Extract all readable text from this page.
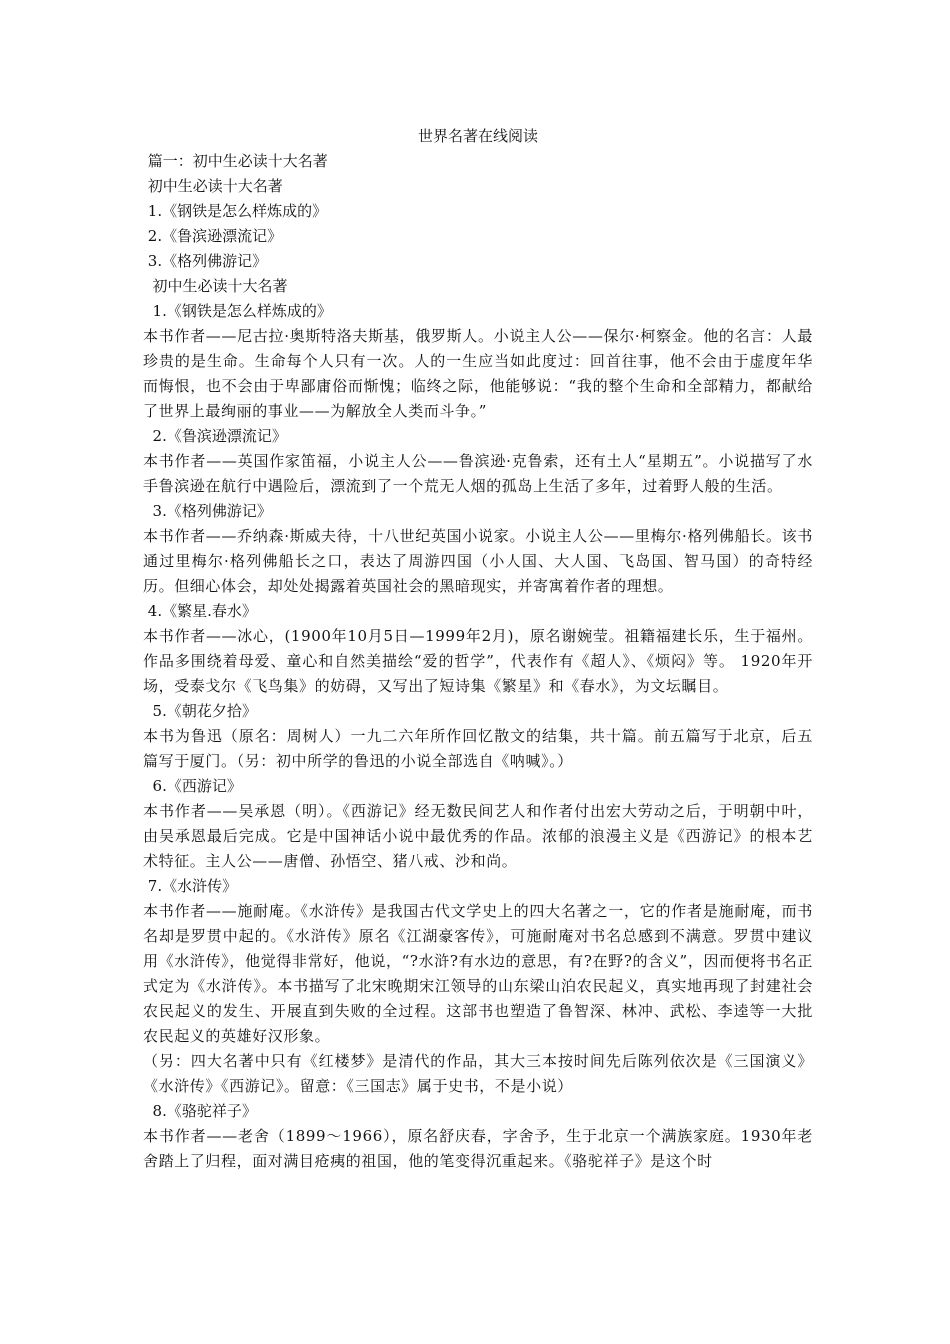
世界名著在线阅读
篇一：初中生必读十大名著
初中生必读十大名著
1.《钢铁是怎么样炼成的》
2.《鲁滨逊漂流记》
3.《格列佛游记》
初中生必读十大名著
1.《钢铁是怎么样炼成的》
本书作者——尼古拉·奥斯特洛夫斯基，俄罗斯人。小说主人公——保尔·柯察金。他的名言：人最珍贵的是生命。生命每个人只有一次。人的一生应当如此度过：回首往事，他不会由于虚度年华而悔恨，也不会由于卑鄙庸俗而惭愧；临终之际，他能够说：“我的整个生命和全部精力，都献给了世界上最绚丽的事业——为解放全人类而斗争。”
2.《鲁滨逊漂流记》
本书作者——英国作家笛福，小说主人公——鲁滨逊·克鲁索，还有土人“星期五”。小说描写了水手鲁滨逊在航行中遇险后，漂流到了一个荒无人烟的孤岛上生活了多年，过着野人般的生活。
3.《格列佛游记》
本书作者——乔纳森·斯威夫待，十八世纪英国小说家。小说主人公——里梅尔·格列佛船长。该书通过里梅尔·格列佛船长之口，表达了周游四国（小人国、大人国、飞岛国、智马国）的奇特经历。但细心体会，却处处揭露着英国社会的黑暗现实，并寄寓着作者的理想。
4.《繁星.春水》
本书作者——冰心，(1900年10月5日—1999年2月)，原名谢婉莹。祖籍福建长乐，生于福州。作品多围绕着母爱、童心和自然美描绘“爱的哲学”，代表作有《超人》、《烦闷》等。 1920年开场，受泰戈尔《飞鸟集》的妨碍，又写出了短诗集《繁星》和《春水》，为文坛瞩目。
5.《朝花夕拾》
本书为鲁迅（原名：周树人）一九二六年所作回忆散文的结集，共十篇。前五篇写于北京，后五篇写于厦门。（另：初中所学的鲁迅的小说全部选自《呐喊》。）
6.《西游记》
本书作者——吴承恩（明）。《西游记》经无数民间艺人和作者付出宏大劳动之后，于明朝中叶，由吴承恩最后完成。它是中国神话小说中最优秀的作品。浓郁的浪漫主义是《西游记》的根本艺术特征。主人公——唐僧、孙悟空、猪八戒、沙和尚。
7.《水浒传》
本书作者——施耐庵。《水浒传》是我国古代文学史上的四大名著之一，它的作者是施耐庵，而书名却是罗贯中起的。《水浒传》原名《江湖豪客传》，可施耐庵对书名总感到不满意。罗贯中建议用《水浒传》，他觉得非常好，他说，“?水浒?有水边的意思，有?在野?的含义”，因而便将书名正式定为《水浒传》。本书描写了北宋晚期宋江领导的山东梁山泊农民起义，真实地再现了封建社会农民起义的发生、开展直到失败的全过程。这部书也塑造了鲁智深、林冲、武松、李逵等一大批农民起义的英雄好汉形象。
（另：四大名著中只有《红楼梦》是清代的作品，其大三本按时间先后陈列依次是《三国演义》《水浒传》《西游记》。留意：《三国志》属于史书，不是小说）
8.《骆驼祥子》
本书作者——老舍（1899～1966），原名舒庆春，字舍予，生于北京一个满族家庭。1930年老舍踏上了归程，面对满目疮痍的祖国，他的笔变得沉重起来。《骆驼祥子》是这个时
